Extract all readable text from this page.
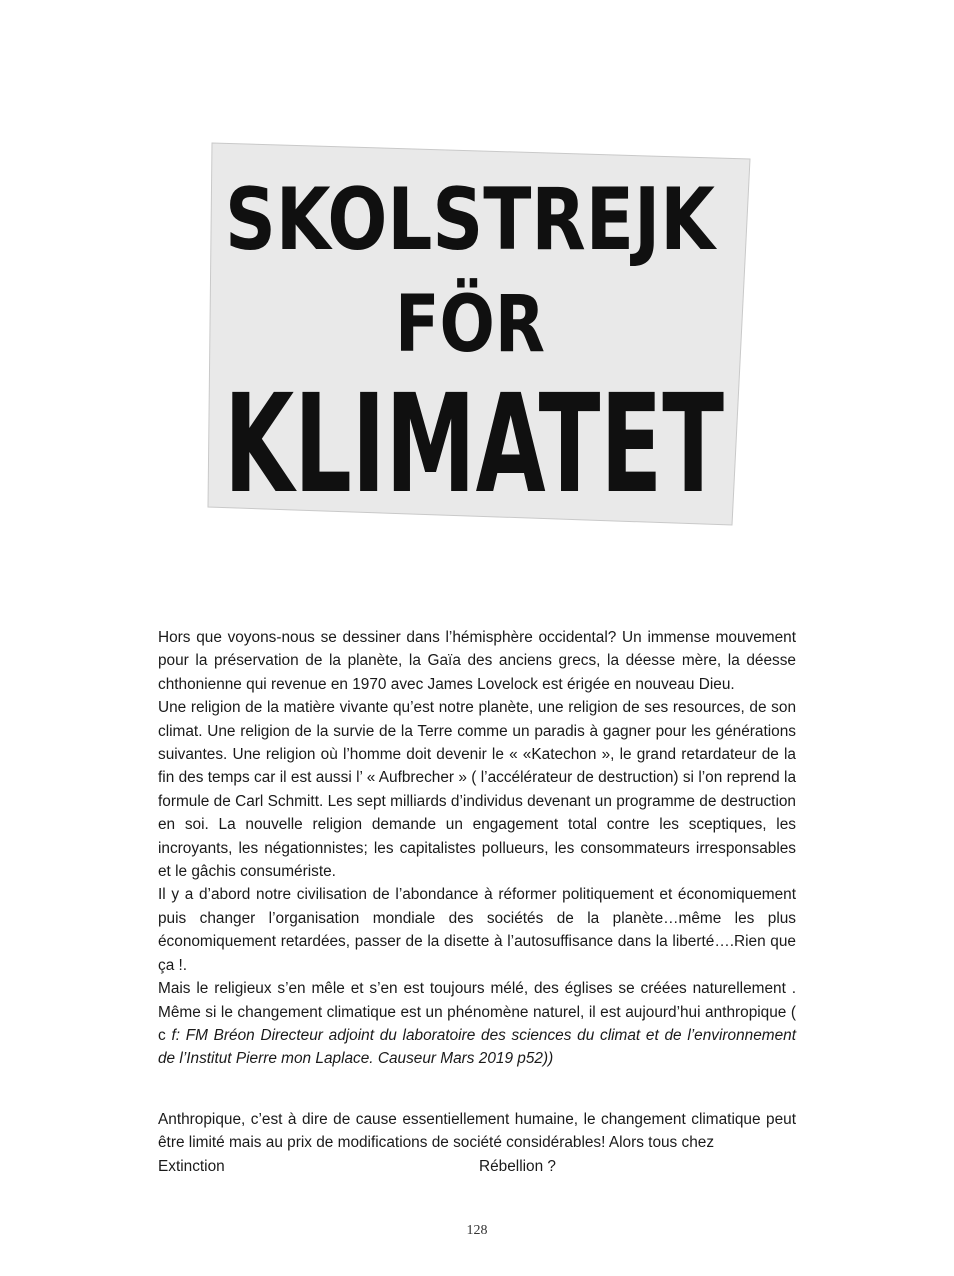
SKOLSTREJK
FÖR
KLIMATET

Hors que voyons-nous se dessiner dans l’hémisphère occidental? Un immense mouvement pour la préservation de la planète, la Gaïa des anciens grecs, la déesse mère, la déesse chthonienne qui revenue en 1970 avec James Lovelock est érigée en nouveau Dieu.

Une religion de la matière vivante qu’est notre planète, une religion de ses resources, de son climat. Une religion de la survie de la Terre comme un paradis à gagner pour les générations suivantes. Une religion où l’homme doit devenir le « «Katechon », le grand retardateur de la fin des temps car il est aussi l’ « Aufbrecher » ( l’accélérateur de destruction) si l’on reprend la formule de Carl Schmitt. Les sept milliards d’individus devenant un programme de destruction en soi. La nouvelle religion demande un engagement total contre les sceptiques, les incroyants, les négationnistes; les capitalistes pollueurs, les consommateurs irresponsables et le gâchis consumériste.

Il y a d’abord notre civilisation de l’abondance à réformer politiquement et économiquement puis changer l’organisation mondiale des sociétés de la planète…même les plus économiquement retardées, passer de la disette à l’autosuffisance dans la liberté….Rien que ça !.

Mais le religieux s’en mêle et s’en est toujours mélé, des églises se créées naturellement . Même si le changement climatique est un phénomène naturel, il est aujourd’hui anthropique ( c f: FM Bréon Directeur adjoint du laboratoire des sciences du climat et de l’environnement de l’Institut Pierre mon Laplace. Causeur Mars 2019 p52))

Anthropique, c’est à dire de cause essentiellement humaine, le changement climatique peut être limité mais au prix de modifications de société considérables! Alors tous chez

Extinction	Rébellion ?
128
